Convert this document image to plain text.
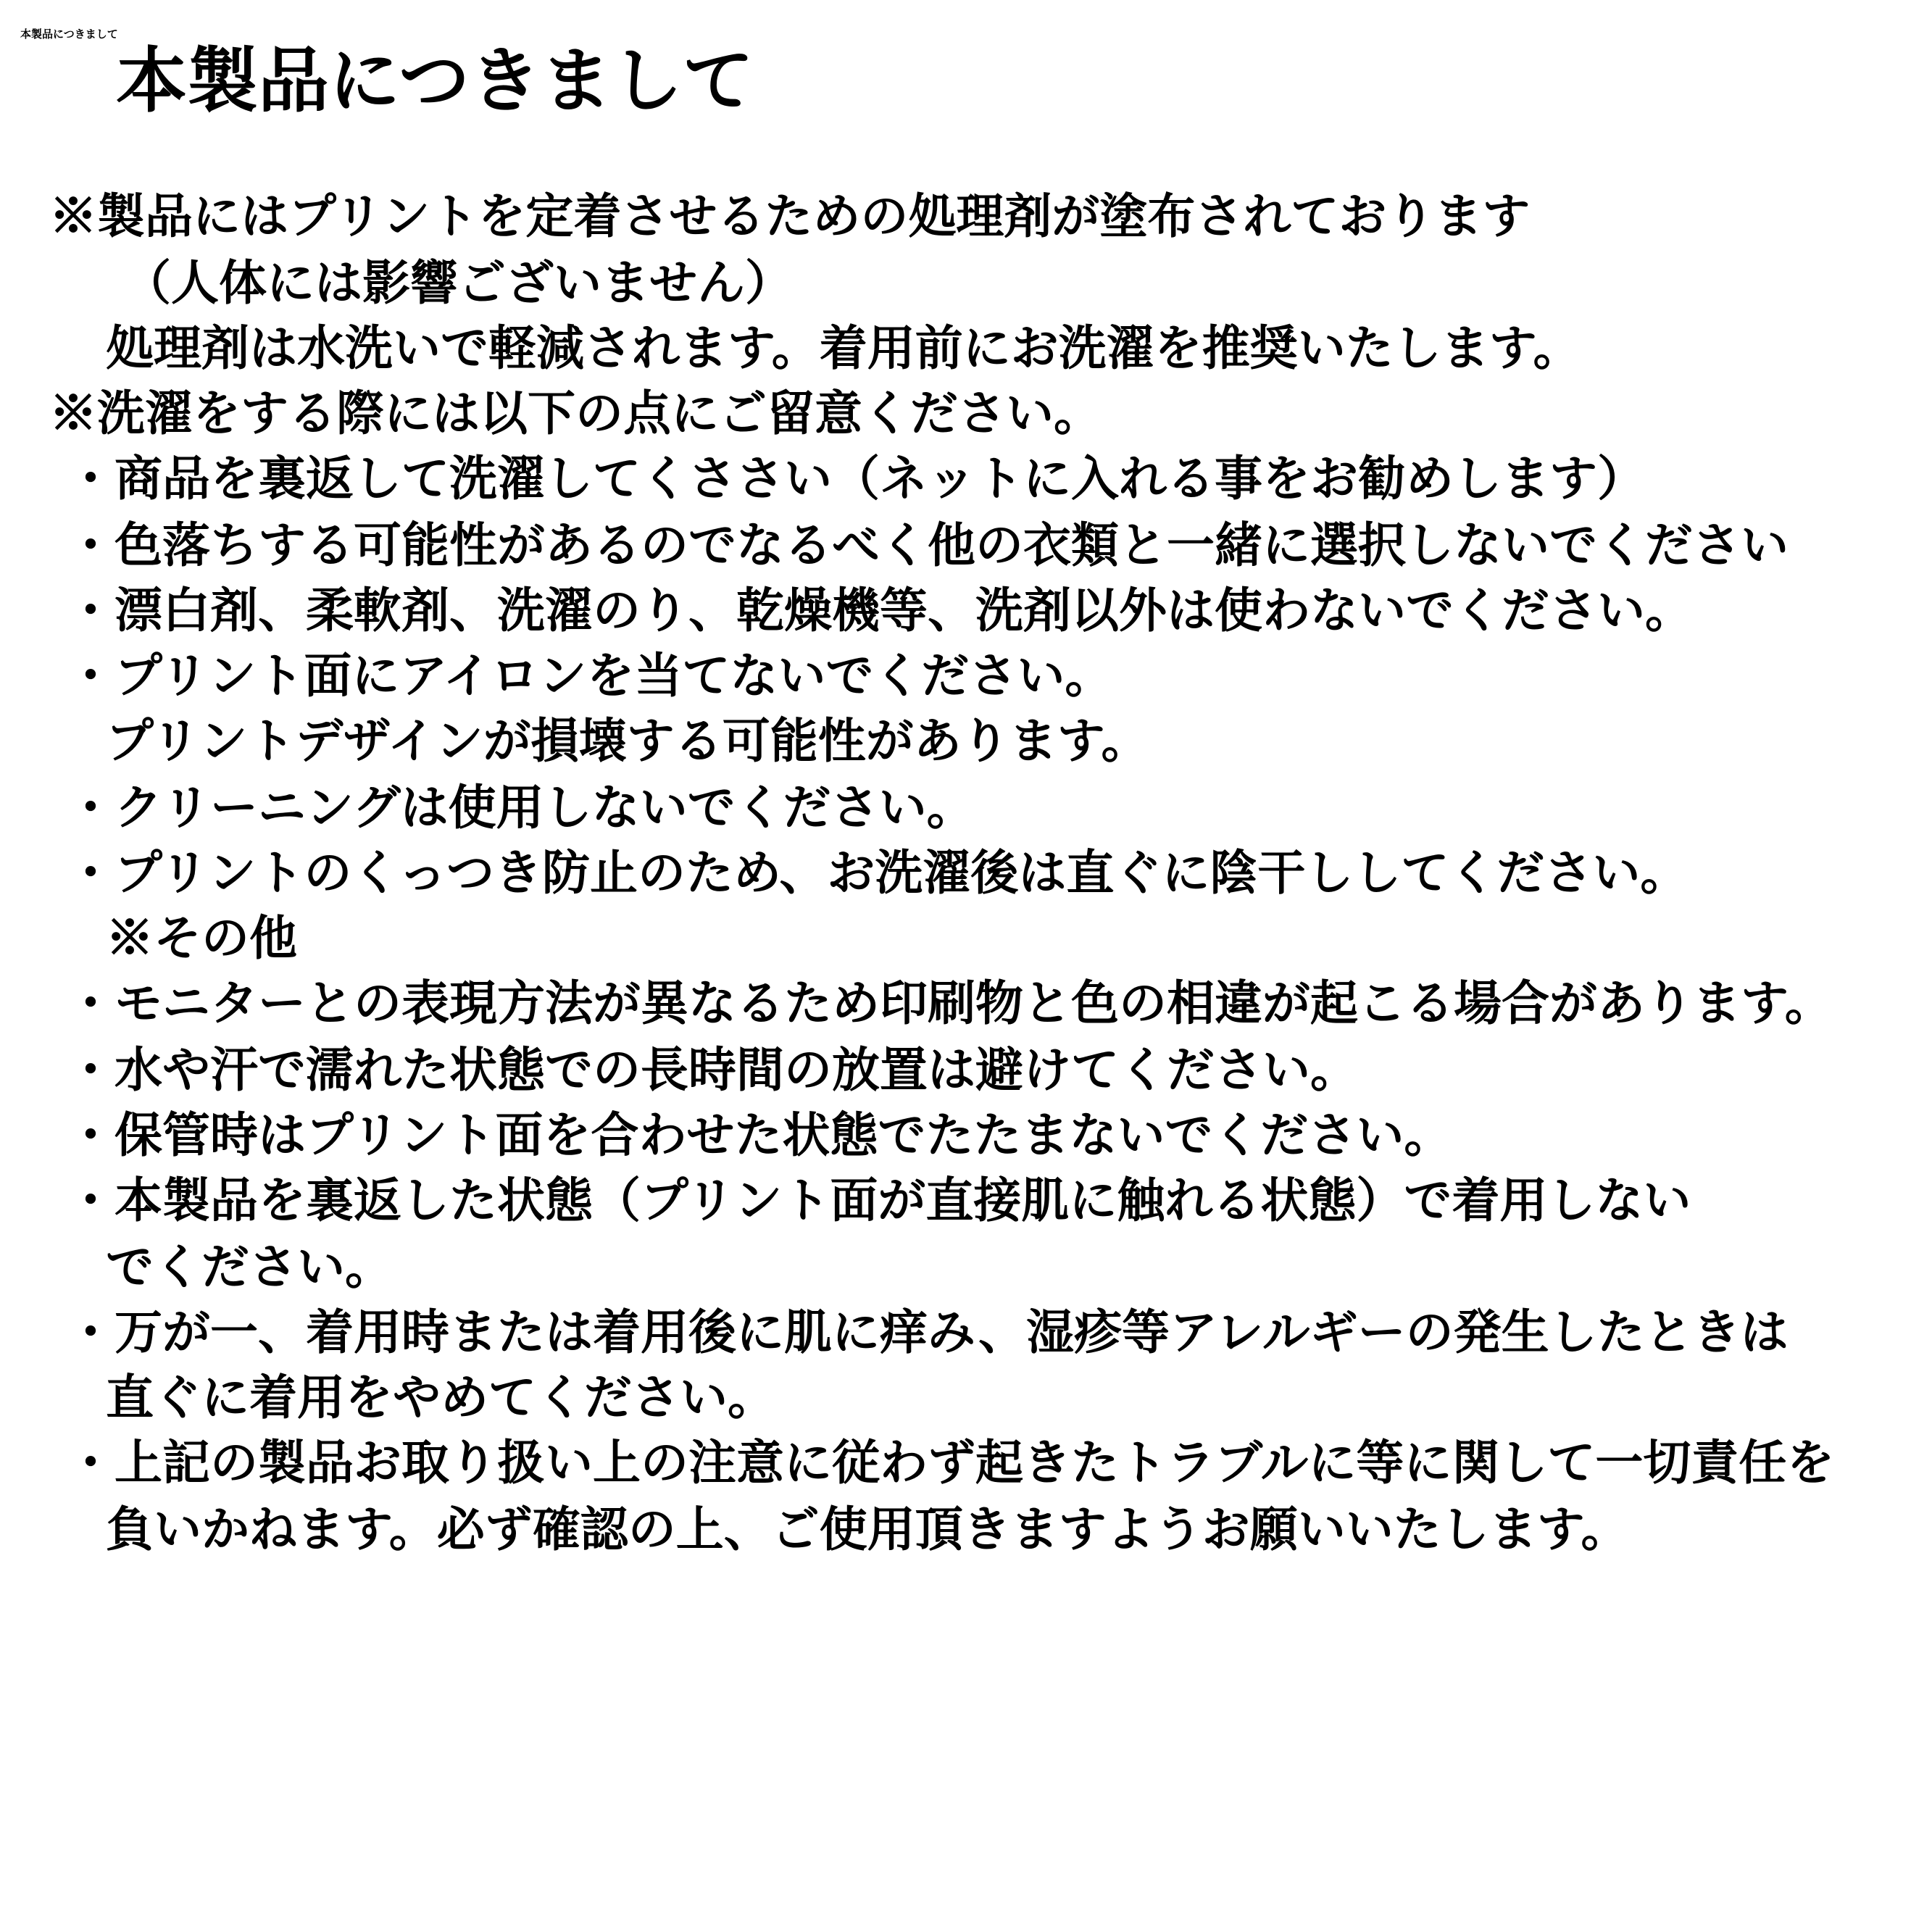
本製品につきまして
本製品につきまして
※製品にはプリントを定着させるための処理剤が塗布されております
（人体には影響ございません）
処理剤は水洗いで軽減されます。着用前にお洗濯を推奨いたします。
※洗濯をする際には以下の点にご留意ください。
・商品を裏返して洗濯してくささい（ネットに入れる事をお勧めします）
・色落ちする可能性があるのでなるべく他の衣類と一緒に選択しないでください
・漂白剤、柔軟剤、洗濯のり、乾燥機等、洗剤以外は使わないでください。
・プリント面にアイロンを当てないでください。
プリントデザインが損壊する可能性があります。
・クリーニングは使用しないでください。
・プリントのくっつき防止のため、お洗濯後は直ぐに陰干ししてください。
※その他
・モニターとの表現方法が異なるため印刷物と色の相違が起こる場合があります。
・水や汗で濡れた状態での長時間の放置は避けてください。
・保管時はプリント面を合わせた状態でたたまないでください。
・本製品を裏返した状態（プリント面が直接肌に触れる状態）で着用しない
でください。
・万が一、着用時または着用後に肌に痒み、湿疹等アレルギーの発生したときは
直ぐに着用をやめてください。
・上記の製品お取り扱い上の注意に従わず起きたトラブルに等に関して一切責任を
負いかねます。必ず確認の上、ご使用頂きますようお願いいたします。
